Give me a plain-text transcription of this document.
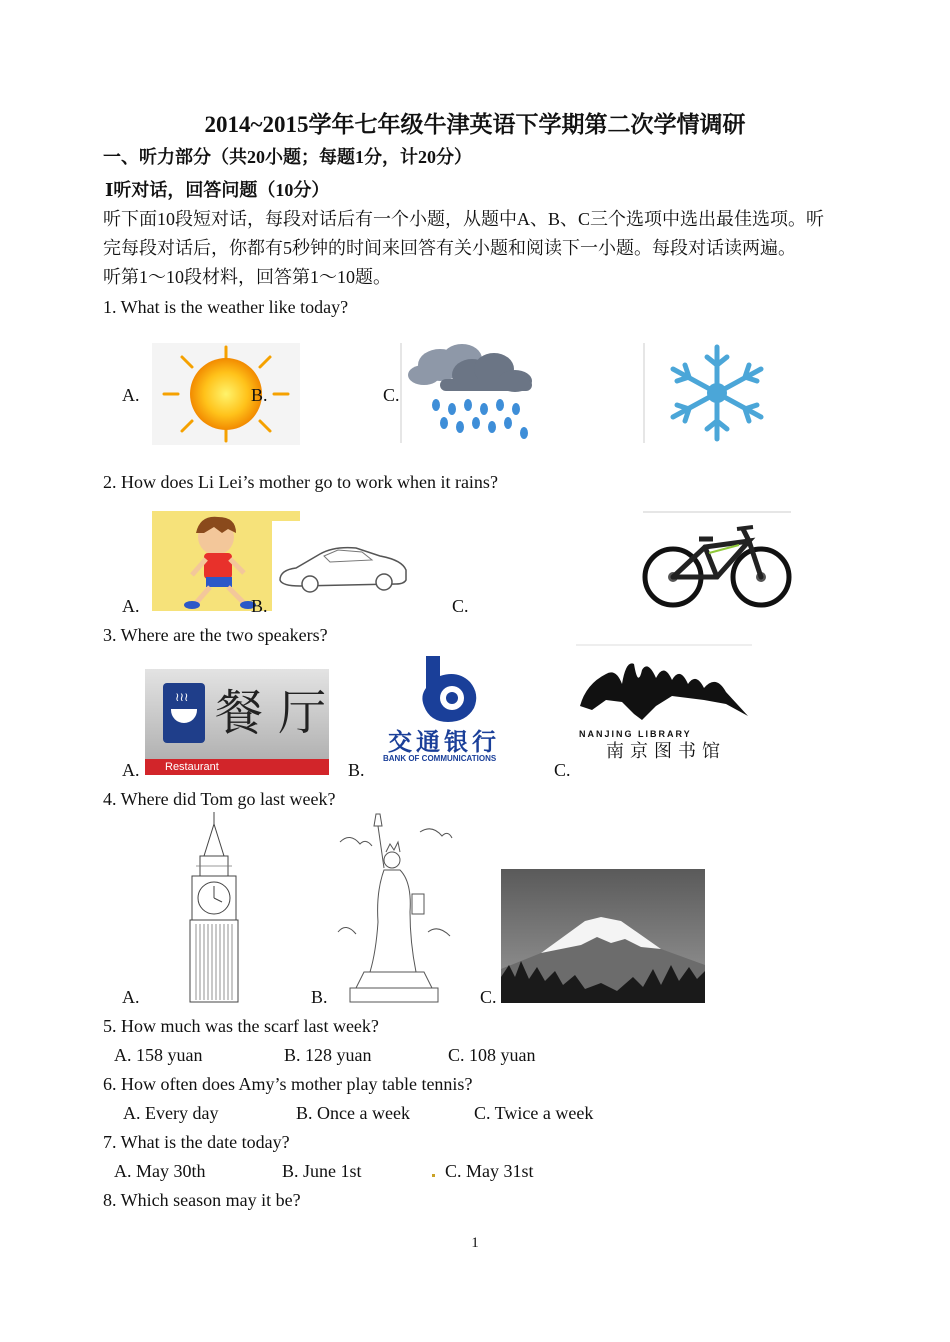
2014~2015学年七年级牛津英语下学期第二次学情调研
一、听力部分（共20小题；每题1分，计20分）
Ⅰ听对话，回答问题（10分）
听下面10段短对话，每段对话后有一个小题，从题中A、B、C三个选项中选出最佳选项。听
完每段对话后，你都有5秒钟的时间来回答有关小题和阅读下一小题。每段对话读两遍。
听第1～10段材料，回答第1～10题。
1. What is the weather like today?
A.	B.	C.
2. How does Li Lei’s mother go to work when it rains?
A.	B.	C.
3. Where are the two speakers?
≀≀≀ 餐 厅
Restaurant
A.	B.
交通银行
BANK OF COMMUNICATIONS
C.
NANJING LIBRARY
南京图书馆
4. Where did Tom go last week?
A.	B.	C.
5. How much was the scarf last week?
A. 158 yuan	B. 128 yuan	C. 108 yuan
6. How often does Amy’s mother play table tennis?
A. Every day	B. Once a week	C. Twice a week
7. What is the date today?
A. May 30th	B. June 1st	C. May 31st
8. Which season may it be?
1
